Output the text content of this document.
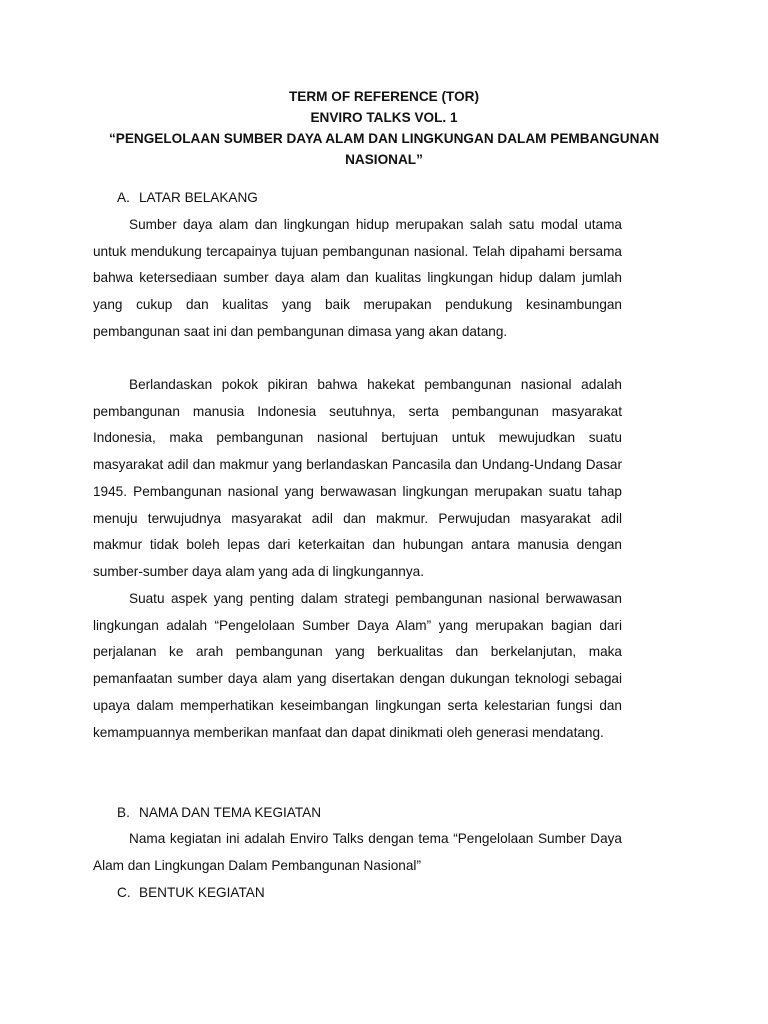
TERM OF REFERENCE (TOR)
ENVIRO TALKS VOL. 1
“PENGELOLAAN SUMBER DAYA ALAM DAN LINGKUNGAN DALAM PEMBANGUNAN
NASIONAL”
A. LATAR BELAKANG

Sumber daya alam dan lingkungan hidup merupakan salah satu modal utama untuk mendukung tercapainya tujuan pembangunan nasional. Telah dipahami bersama bahwa ketersediaan sumber daya alam dan kualitas lingkungan hidup dalam jumlah yang cukup dan kualitas yang baik merupakan pendukung kesinambungan pembangunan saat ini dan pembangunan dimasa yang akan datang.

Berlandaskan pokok pikiran bahwa hakekat pembangunan nasional adalah pembangunan manusia Indonesia seutuhnya, serta pembangunan masyarakat Indonesia, maka pembangunan nasional bertujuan untuk mewujudkan suatu masyarakat adil dan makmur yang berlandaskan Pancasila dan Undang-Undang Dasar 1945. Pembangunan nasional yang berwawasan lingkungan merupakan suatu tahap menuju terwujudnya masyarakat adil dan makmur. Perwujudan masyarakat adil makmur tidak boleh lepas dari keterkaitan dan hubungan antara manusia dengan sumber-sumber daya alam yang ada di lingkungannya.

Suatu aspek yang penting dalam strategi pembangunan nasional berwawasan lingkungan adalah “Pengelolaan Sumber Daya Alam” yang merupakan bagian dari perjalanan ke arah pembangunan yang berkualitas dan berkelanjutan, maka pemanfaatan sumber daya alam yang disertakan dengan dukungan teknologi sebagai upaya dalam memperhatikan keseimbangan lingkungan serta kelestarian fungsi dan kemampuannya memberikan manfaat dan dapat dinikmati oleh generasi mendatang.

B. NAMA DAN TEMA KEGIATAN

Nama kegiatan ini adalah Enviro Talks dengan tema “Pengelolaan Sumber Daya Alam dan Lingkungan Dalam Pembangunan Nasional”

C. BENTUK KEGIATAN
